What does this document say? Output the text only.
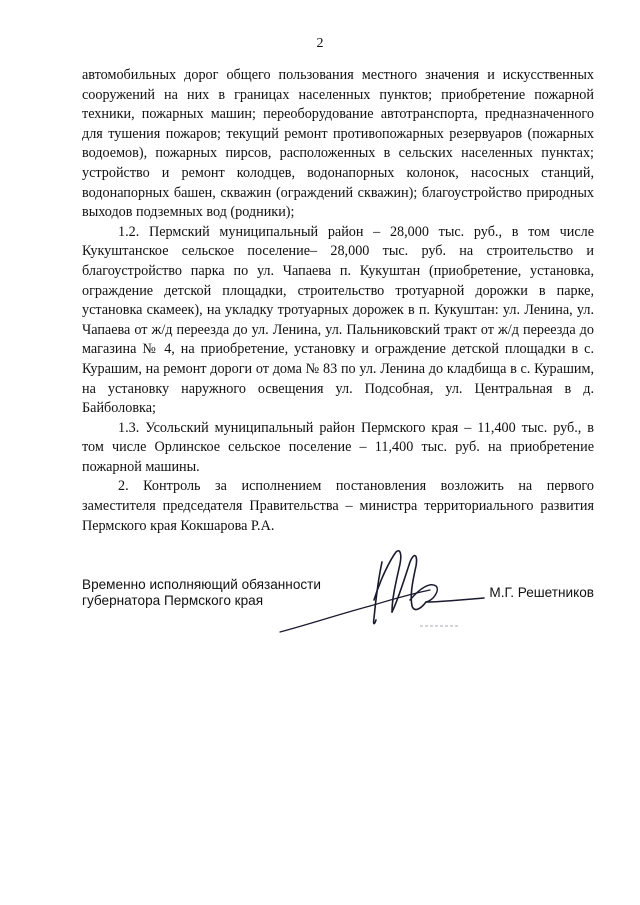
2

автомобильных дорог общего пользования местного значения и искусственных сооружений на них в границах населенных пунктов; приобретение пожарной техники, пожарных машин; переоборудование автотранспорта, предназначенного для тушения пожаров; текущий ремонт противопожарных резервуаров (пожарных водоемов), пожарных пирсов, расположенных в сельских населенных пунктах; устройство и ремонт колодцев, водонапорных колонок, насосных станций, водонапорных башен, скважин (ограждений скважин); благоустройство природных выходов подземных вод (родники);

1.2. Пермский муниципальный район – 28,000 тыс. руб., в том числе Кукуштанское сельское поселение– 28,000 тыс. руб. на строительство и благоустройство парка по ул. Чапаева п. Кукуштан (приобретение, установка, ограждение детской площадки, строительство тротуарной дорожки в парке, установка скамеек), на укладку тротуарных дорожек в п. Кукуштан: ул. Ленина, ул. Чапаева от ж/д переезда до ул. Ленина, ул. Пальниковский тракт от ж/д переезда до магазина № 4, на приобретение, установку и ограждение детской площадки в с. Курашим, на ремонт дороги от дома № 83 по ул. Ленина до кладбища в с. Курашим, на установку наружного освещения ул. Подсобная, ул. Центральная в д. Байболовка;

1.3. Усольский муниципальный район Пермского края – 11,400 тыс. руб., в том числе Орлинское сельское поселение – 11,400 тыс. руб. на приобретение пожарной машины.

2. Контроль за исполнением постановления возложить на первого заместителя председателя Правительства – министра территориального развития Пермского края Кокшарова Р.А.

Временно исполняющий обязанности
губернатора Пермского края
М.Г. Решетников
